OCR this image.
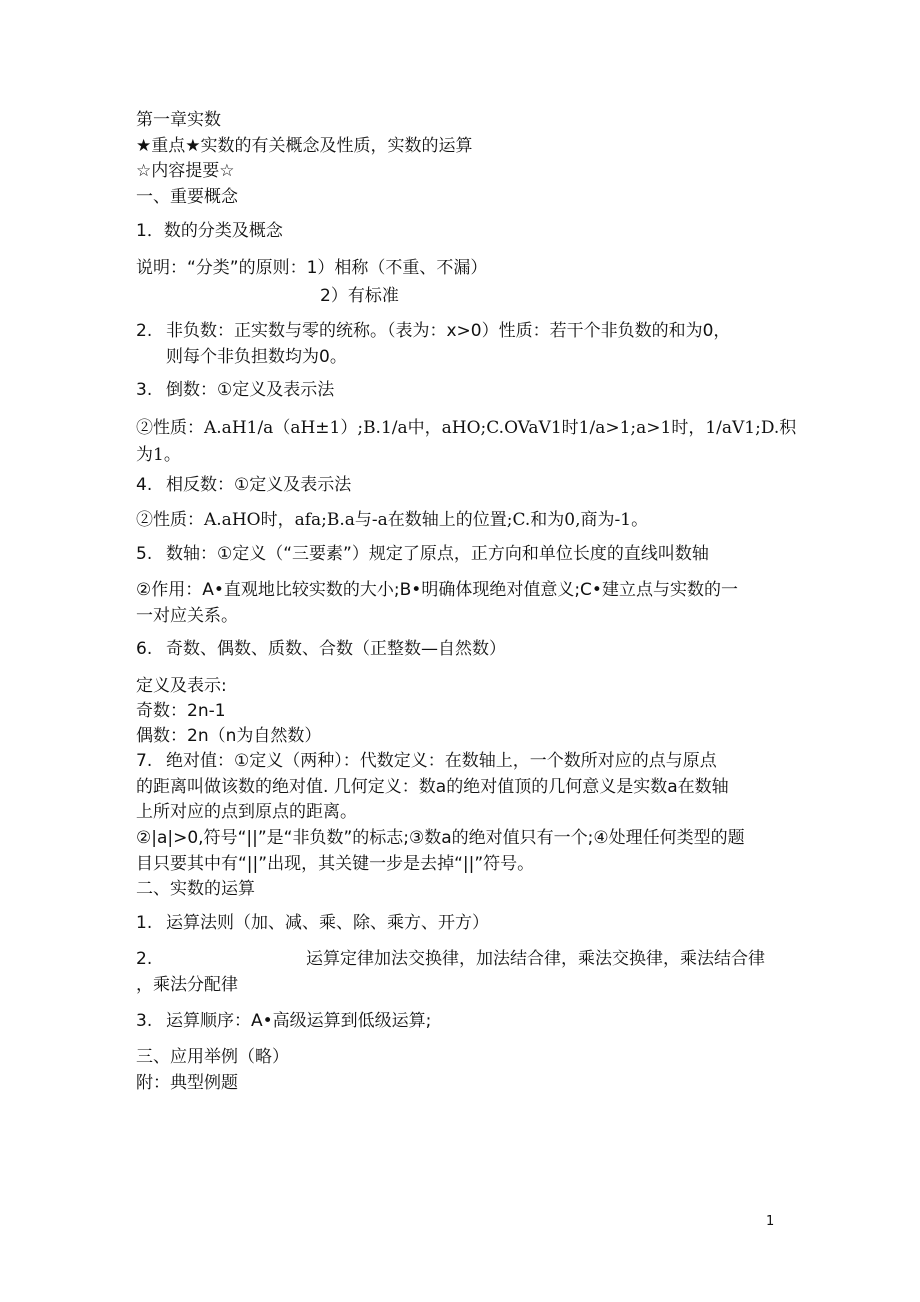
第一章实数
★重点★实数的有关概念及性质，实数的运算
☆内容提要☆
一、重要概念
1．数的分类及概念
说明：“分类”的原则：1）相称（不重、不漏）
2）有标准
2. 非负数：正实数与零的统称。（表为：x>0）性质：若干个非负数的和为0，
则每个非负担数均为0。
3. 倒数：①定义及表示法
②性质：A.aH1/a（aH±1）;B.1/a中，aHO;C.OVaV1时1/a>1;a>1时，1/aV1;D.积
为1。
4. 相反数：①定义及表示法
②性质：A.aHO时，afa;B.a与-a在数轴上的位置;C.和为0,商为-1。
5. 数轴：①定义（“三要素”）规定了原点，正方向和单位长度的直线叫数轴
②作用：A•直观地比较实数的大小;B•明确体现绝对值意义;C•建立点与实数的一
一对应关系。
6. 奇数、偶数、质数、合数（正整数—自然数）
定义及表示:
奇数：2n-1
偶数：2n（n为自然数）
7. 绝对值：①定义（两种）：代数定义：在数轴上，一个数所对应的点与原点
的距离叫做该数的绝对值. 几何定义：数a的绝对值顶的几何意义是实数a在数轴
上所对应的点到原点的距离。
②|a|>0,符号“||”是“非负数”的标志;③数a的绝对值只有一个;④处理任何类型的题
目只要其中有“||”出现，其关键一步是去掉“||”符号。
二、实数的运算
1. 运算法则（加、减、乘、除、乘方、开方）
2.	运算定律加法交换律，加法结合律，乘法交换律，乘法结合律
，乘法分配律
3. 运算顺序：A•高级运算到低级运算;
三、应用举例（略）
附：典型例题
1
